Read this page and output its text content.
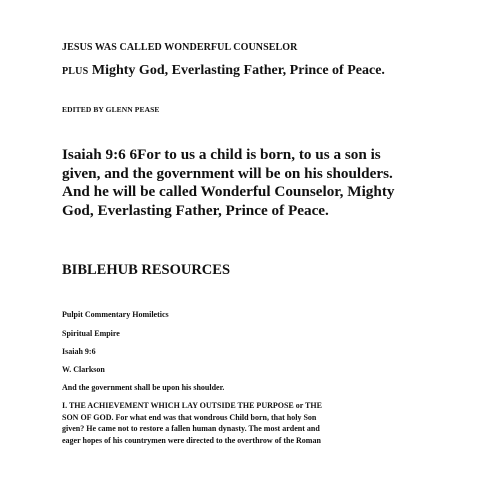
JESUS WAS CALLED WONDERFUL COUNSELOR
PLUS Mighty God, Everlasting Father, Prince of Peace.
EDITED BY GLENN PEASE
Isaiah 9:6 6For to us a child is born, to us a son is
given, and the government will be on his shoulders.
And he will be called Wonderful Counselor, Mighty
God, Everlasting Father, Prince of Peace.
BIBLEHUB RESOURCES
Pulpit Commentary Homiletics
Spiritual Empire
Isaiah 9:6
W. Clarkson
And the government shall be upon his shoulder.
I. THE ACHIEVEMENT WHICH LAY OUTSIDE THE PURPOSE or THE
SON OF GOD. For what end was that wondrous Child born, that holy Son
given? He came not to restore a fallen human dynasty. The most ardent and
eager hopes of his countrymen were directed to the overthrow of the Roman
